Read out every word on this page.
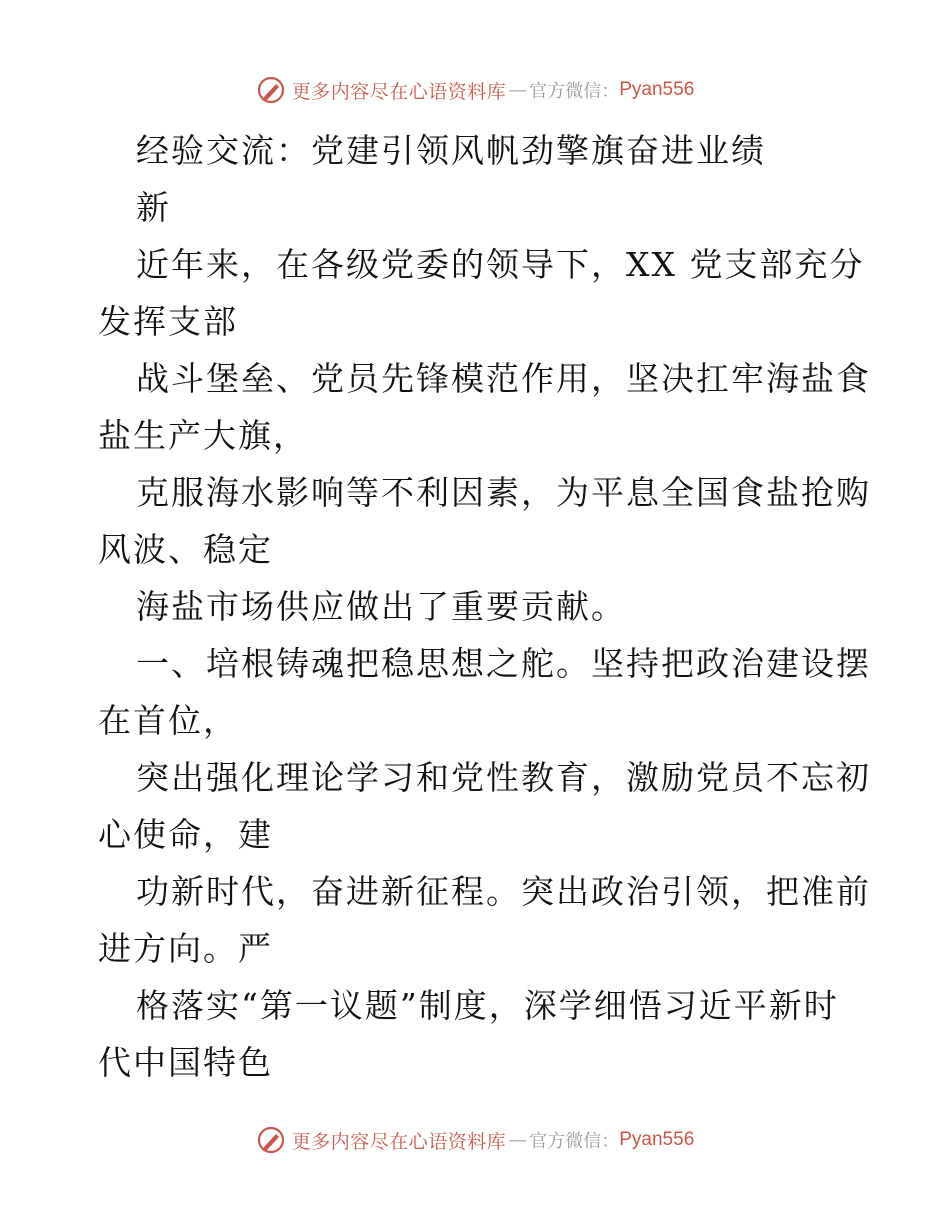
更多内容尽在心语资料库 — 官方微信： Pyan556
经验交流：党建引领风帆劲擎旗奋进业绩
新
近年来，在各级党委的领导下，XX 党支部充分
发挥支部
战斗堡垒、党员先锋模范作用，坚决扛牢海盐食
盐生产大旗，
克服海水影响等不利因素，为平息全国食盐抢购
风波、稳定
海盐市场供应做出了重要贡献。
一、培根铸魂把稳思想之舵。坚持把政治建设摆
在首位，
突出强化理论学习和党性教育，激励党员不忘初
心使命，建
功新时代，奋进新征程。突出政治引领，把准前
进方向。严
格落实“第一议题”制度，深学细悟习近平新时
代中国特色
更多内容尽在心语资料库 — 官方微信： Pyan556
